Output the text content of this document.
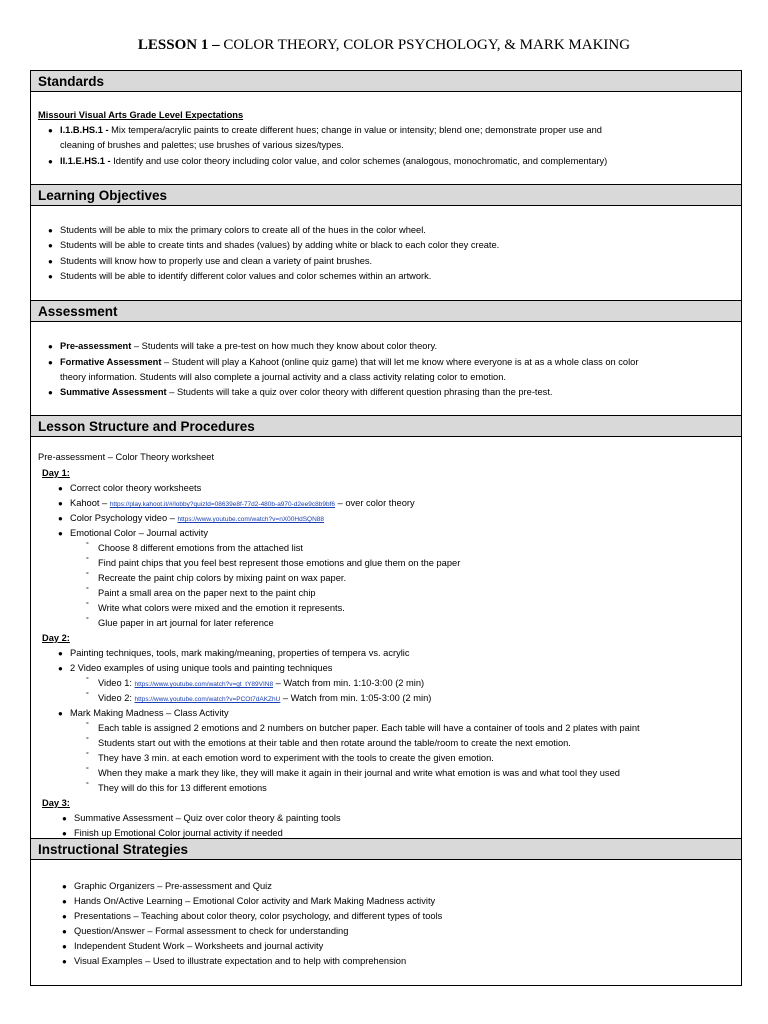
LESSON 1 – COLOR THEORY, COLOR PSYCHOLOGY, & MARK MAKING
Standards
Learning Objectives
Assessment
Lesson Structure and Procedures
Instructional Strategies
Missouri Visual Arts Grade Level Expectations
● I.1.B.HS.1 - Mix tempera/acrylic paints to create different hues; change in value or intensity; blend one; demonstrate proper use and
cleaning of brushes and palettes; use brushes of various sizes/types.
● II.1.E.HS.1 - Identify and use color theory including color value, and color schemes (analogous, monochromatic, and complementary)
● Students will be able to mix the primary colors to create all of the hues in the color wheel.
● Students will be able to create tints and shades (values) by adding white or black to each color they create.
● Students will know how to properly use and clean a variety of paint brushes.
● Students will be able to identify different color values and color schemes within an artwork.
● Pre-assessment – Students will take a pre-test on how much they know about color theory.
● Formative Assessment – Student will play a Kahoot (online quiz game) that will let me know where everyone is at as a whole class on color
theory information. Students will also complete a journal activity and a class activity relating color to emotion.
● Summative Assessment – Students will take a quiz over color theory with different question phrasing than the pre-test.
Pre-assessment – Color Theory worksheet
Day 1:
● Correct color theory worksheets
● Kahoot – https://play.kahoot.it/#/lobby?quizId=08639e8f-77d2-480b-a970-d2ee9c8b9bf6 – over color theory
● Color Psychology video – https://www.youtube.com/watch?v=nX00HdSQN88
● Emotional Color – Journal activity
° Choose 8 different emotions from the attached list
° Find paint chips that you feel best represent those emotions and glue them on the paper
° Recreate the paint chip colors by mixing paint on wax paper.
° Paint a small area on the paper next to the paint chip
° Write what colors were mixed and the emotion it represents.
° Glue paper in art journal for later reference
Day 2:
● Painting techniques, tools, mark making/meaning, properties of tempera vs. acrylic
● 2 Video examples of using unique tools and painting techniques
° Video 1: https://www.youtube.com/watch?v=gt_tY89VIN8 – Watch from min. 1:10-3:00 (2 min)
° Video 2: https://www.youtube.com/watch?v=PCOt7dAKZhU – Watch from min. 1:05-3:00 (2 min)
● Mark Making Madness – Class Activity
° Each table is assigned 2 emotions and 2 numbers on butcher paper. Each table will have a container of tools and 2 plates with paint
° Students start out with the emotions at their table and then rotate around the table/room to create the next emotion.
° They have 3 min. at each emotion word to experiment with the tools to create the given emotion.
° When they make a mark they like, they will make it again in their journal and write what emotion is was and what tool they used
° They will do this for 13 different emotions
Day 3:
● Summative Assessment – Quiz over color theory & painting tools
● Finish up Emotional Color journal activity if needed
● Graphic Organizers – Pre-assessment and Quiz
● Hands On/Active Learning – Emotional Color activity and Mark Making Madness activity
● Presentations – Teaching about color theory, color psychology, and different types of tools
● Question/Answer – Formal assessment to check for understanding
● Independent Student Work – Worksheets and journal activity
● Visual Examples – Used to illustrate expectation and to help with comprehension
